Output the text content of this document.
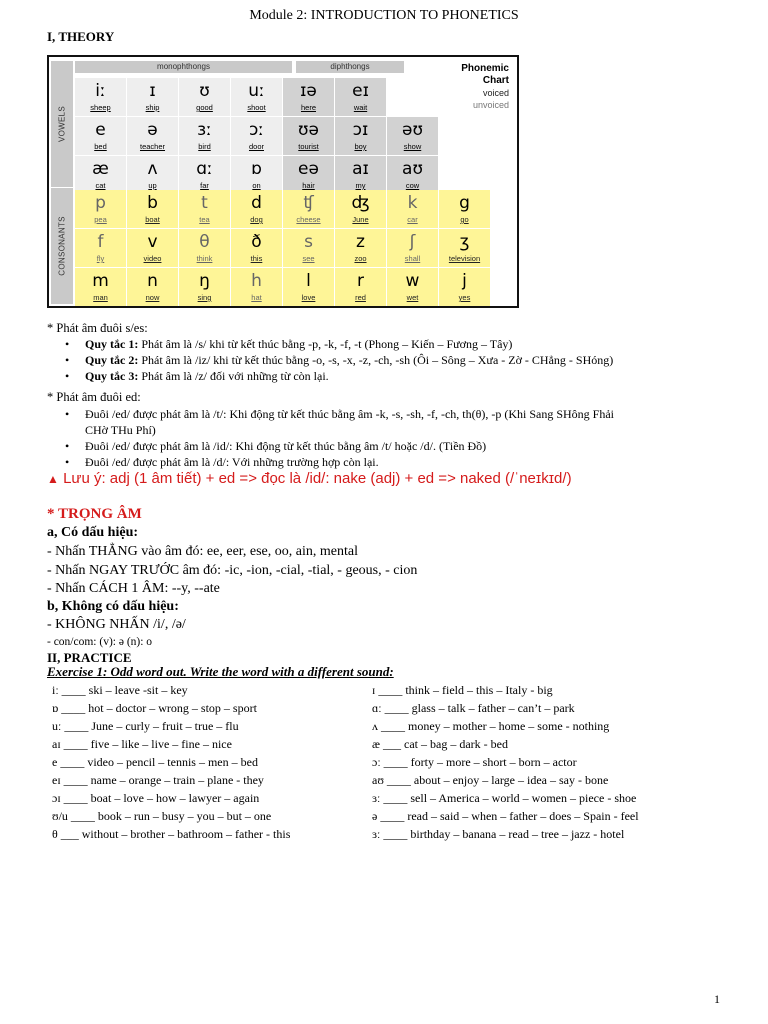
Module 2: INTRODUCTION TO PHONETICS
I, THEORY
monophthongs	diphthongs
VOWELS
CONSONANTS
Phonemic
Chart
voiced
unvoiced
iː
sheep
ɪ
ship
ʊ
good
uː
shoot
ɪə
here
eɪ
wait
e
bed
ə
teacher
ɜː
bird
ɔː
door
ʊə
tourist
ɔɪ
boy
əʊ
show
æ
cat
ʌ
up
ɑː
far
ɒ
on
eə
hair
aɪ
my
aʊ
cow
p
pea
b
boat
t
tea
d
dog
ʧ
cheese
ʤ
June
k
car
g
go
f
fly
v
video
θ
think
ð
this
s
see
z
zoo
ʃ
shall
ʒ
television
m
man
n
now
ŋ
sing
h
hat
l
love
r
red
w
wet
j
yes
* Phát âm đuôi s/es:
• Quy tắc 1: Phát âm là /s/ khi từ kết thúc bằng -p, -k, -f, -t (Phong – Kiến – Fương – Tây)
• Quy tắc 2: Phát âm là /iz/ khi từ kết thúc bằng -o, -s, -x, -z, -ch, -sh (Ôi – Sông – Xưa - Zờ - CHẳng - SHóng)
• Quy tắc 3: Phát âm là /z/ đối với những từ còn lại.
* Phát âm đuôi ed:
• Đuôi /ed/ được phát âm là /t/: Khi động từ kết thúc bằng âm -k, -s, -sh, -f, -ch, th(θ), -p (Khi Sang SHông Fhải
CHờ THu Phí)
• Đuôi /ed/ được phát âm là /id/: Khi động từ kết thúc bằng âm /t/ hoặc /d/. (Tiền Đồ)
• Đuôi /ed/ được phát âm là /d/: Với những trường hợp còn lại.
▲ Lưu ý: adj (1 âm tiết) + ed => đọc là /id/: nake (adj) + ed => naked (/ˈneɪkɪd/)
* TRỌNG ÂM
a, Có dấu hiệu:
- Nhấn THẲNG vào âm đó: ee, eer, ese, oo, ain, mental
- Nhấn NGAY TRƯỚC âm đó: -ic, -ion, -cial, -tial, - geous, - cion
- Nhấn CÁCH 1 ÂM: --y, --ate
b, Không có dấu hiệu:
- KHÔNG NHẤN /i/, /ə/
- con/com: (v): ə (n): o
II, PRACTICE
Exercise 1: Odd word out. Write the word with a different sound:
iː ____ ski – leave -sit – key
ɒ ____ hot – doctor – wrong – stop – sport
uː ____ June – curly – fruit – true – flu
aɪ ____ five – like – live – fine – nice
e ____ video – pencil – tennis – men – bed
eɪ ____ name – orange – train – plane - they
ɔɪ ____ boat – love – how – lawyer – again
ʊ/u ____ book – run – busy – you – but – one
θ ___ without – brother – bathroom – father - this
ɪ ____ think – field – this – Italy - big
ɑː ____ glass – talk – father – can’t – park
ʌ ____ money – mother – home – some - nothing
æ ___ cat – bag – dark - bed
ɔː ____ forty – more – short – born – actor
aʊ ____ about – enjoy – large – idea – say - bone
ɜː ____ sell – America – world – women – piece - shoe
ə ____ read – said – when – father – does – Spain - feel
ɜː ____ birthday – banana – read – tree – jazz - hotel
1
